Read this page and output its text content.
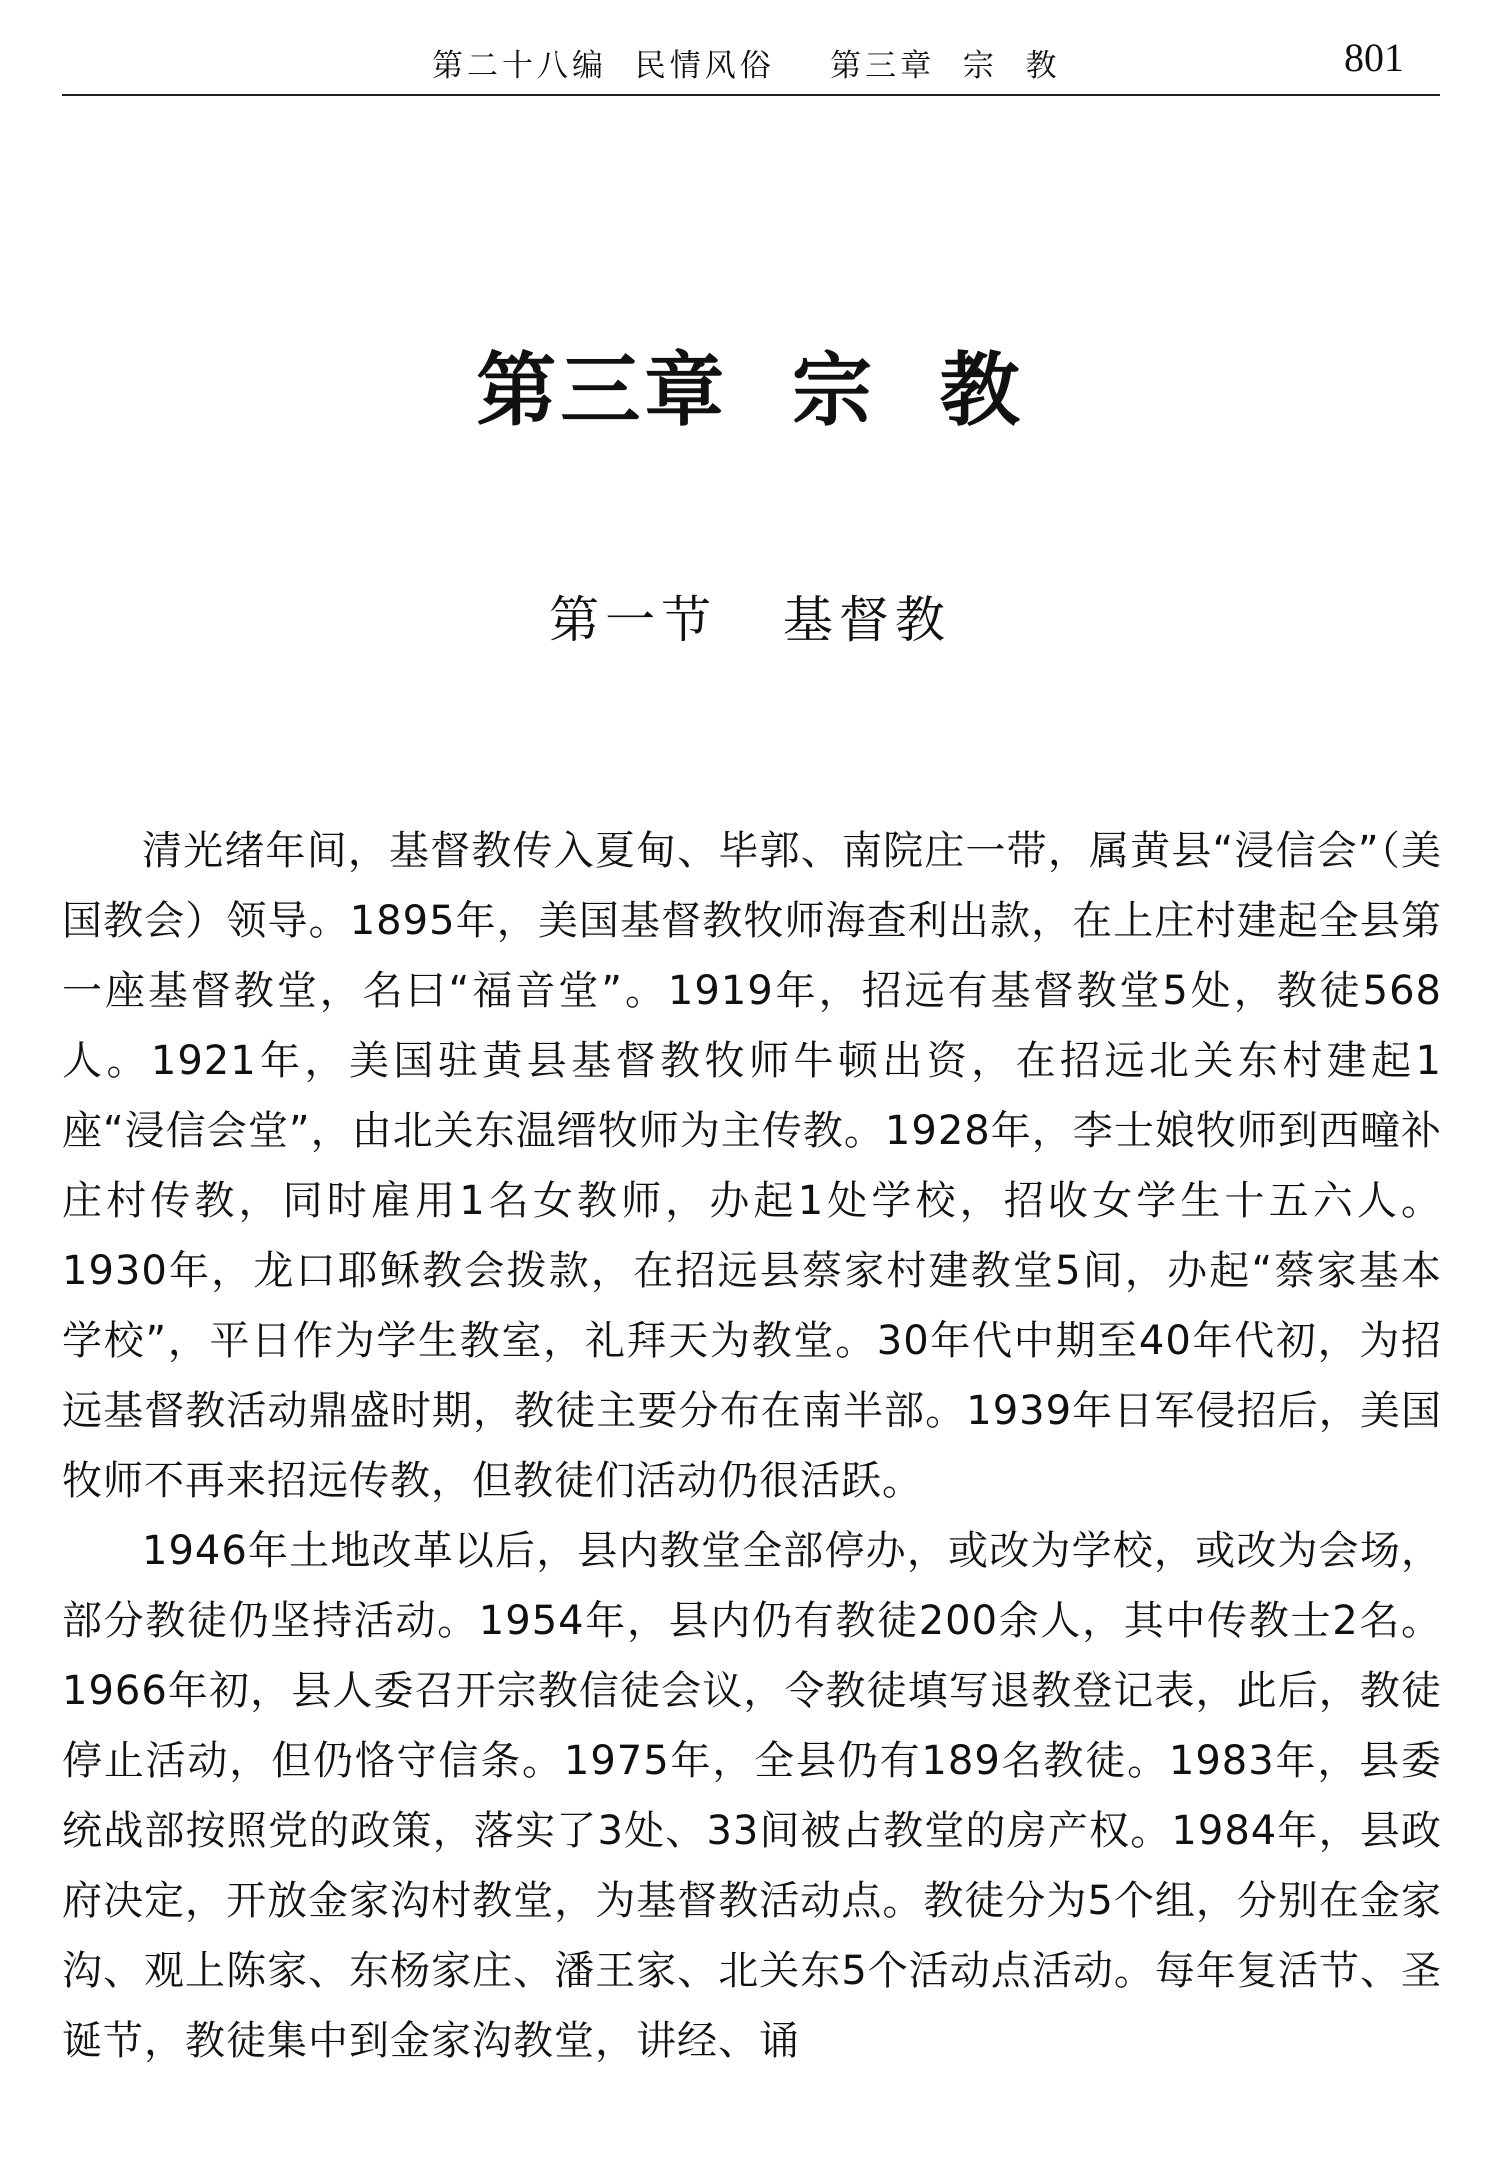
第二十八编  民情风俗    第三章  宗  教	801
第三章  宗  教
第一节   基督教

清光绪年间，基督教传入夏甸、毕郭、南院庄一带，属黄县“浸信会”（美国教会）领导。1895年，美国基督教牧师海查利出款，在上庄村建起全县第一座基督教堂，名曰“福音堂”。1919年，招远有基督教堂5处，教徒568人。1921年，美国驻黄县基督教牧师牛顿出资，在招远北关东村建起1座“浸信会堂”，由北关东温缙牧师为主传教。1928年，李士娘牧师到西疃补庄村传教，同时雇用1名女教师，办起1处学校，招收女学生十五六人。1930年，龙口耶稣教会拨款，在招远县蔡家村建教堂5间，办起“蔡家基本学校”，平日作为学生教室，礼拜天为教堂。30年代中期至40年代初，为招远基督教活动鼎盛时期，教徒主要分布在南半部。1939年日军侵招后，美国牧师不再来招远传教，但教徒们活动仍很活跃。

1946年土地改革以后，县内教堂全部停办，或改为学校，或改为会场，部分教徒仍坚持活动。1954年，县内仍有教徒200余人，其中传教士2名。1966年初，县人委召开宗教信徒会议，令教徒填写退教登记表，此后，教徒停止活动，但仍恪守信条。1975年，全县仍有189名教徒。1983年，县委统战部按照党的政策，落实了3处、33间被占教堂的房产权。1984年，县政府决定，开放金家沟村教堂，为基督教活动点。教徒分为5个组，分别在金家沟、观上陈家、东杨家庄、潘王家、北关东5个活动点活动。每年复活节、圣诞节，教徒集中到金家沟教堂，讲经、诵
